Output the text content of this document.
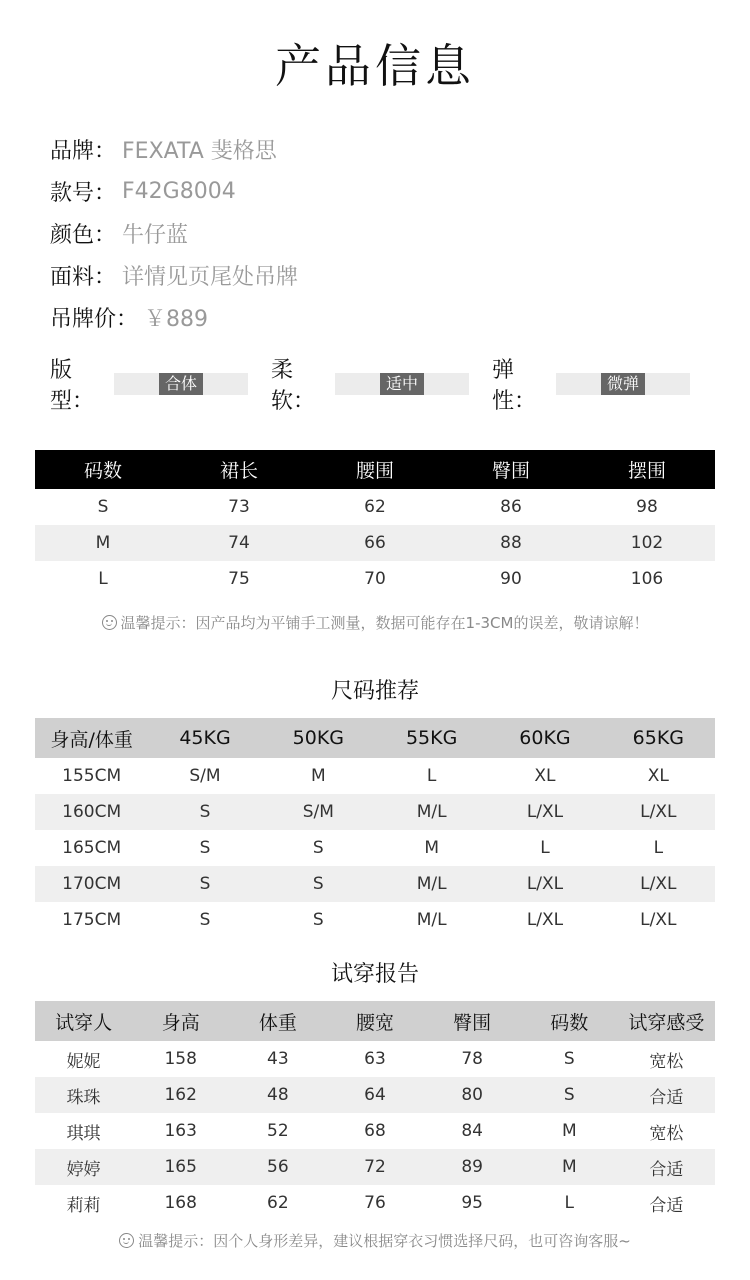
产品信息
品牌： FEXATA 斐格思
款号： F42G8004
颜色： 牛仔蓝
面料： 详情见页尾处吊牌
吊牌价： ￥889
版型：
合体
柔软：
适中
弹性：
微弹
码数	裙长	腰围	臀围	摆围
S	73	62	86	98
M	74	66	88	102
L	75	70	90	106
温馨提示：因产品均为平铺手工测量，数据可能存在1-3CM的误差，敬请谅解！
尺码推荐
身高/体重	45KG	50KG	55KG	60KG	65KG
155CM	S/M	M	L	XL	XL
160CM	S	S/M	M/L	L/XL	L/XL
165CM	S	S	M	L	L
170CM	S	S	M/L	L/XL	L/XL
175CM	S	S	M/L	L/XL	L/XL
试穿报告
试穿人	身高	体重	腰宽	臀围	码数	试穿感受
妮妮	158	43	63	78	S	宽松
珠珠	162	48	64	80	S	合适
琪琪	163	52	68	84	M	宽松
婷婷	165	56	72	89	M	合适
莉莉	168	62	76	95	L	合适
温馨提示：因个人身形差异，建议根据穿衣习惯选择尺码，也可咨询客服~
